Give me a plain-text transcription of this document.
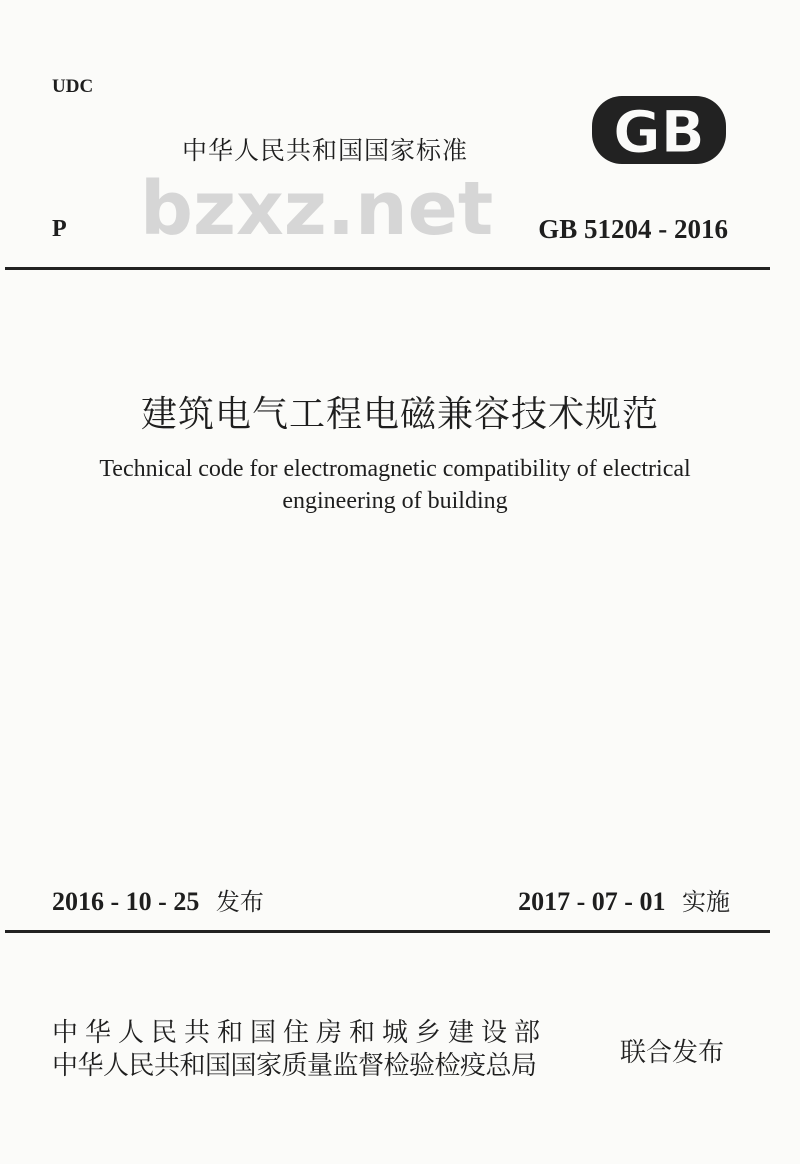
UDC
bzxz.net
中华人民共和国国家标准	GB
P	GB 51204 - 2016
建筑电气工程电磁兼容技术规范
Technical code for electromagnetic compatibility of electrical
engineering of building
2016 - 10 - 25 发布	2017 - 07 - 01 实施
中华人民共和国住房和城乡建设部
中华人民共和国国家质量监督检验检疫总局	联合发布
